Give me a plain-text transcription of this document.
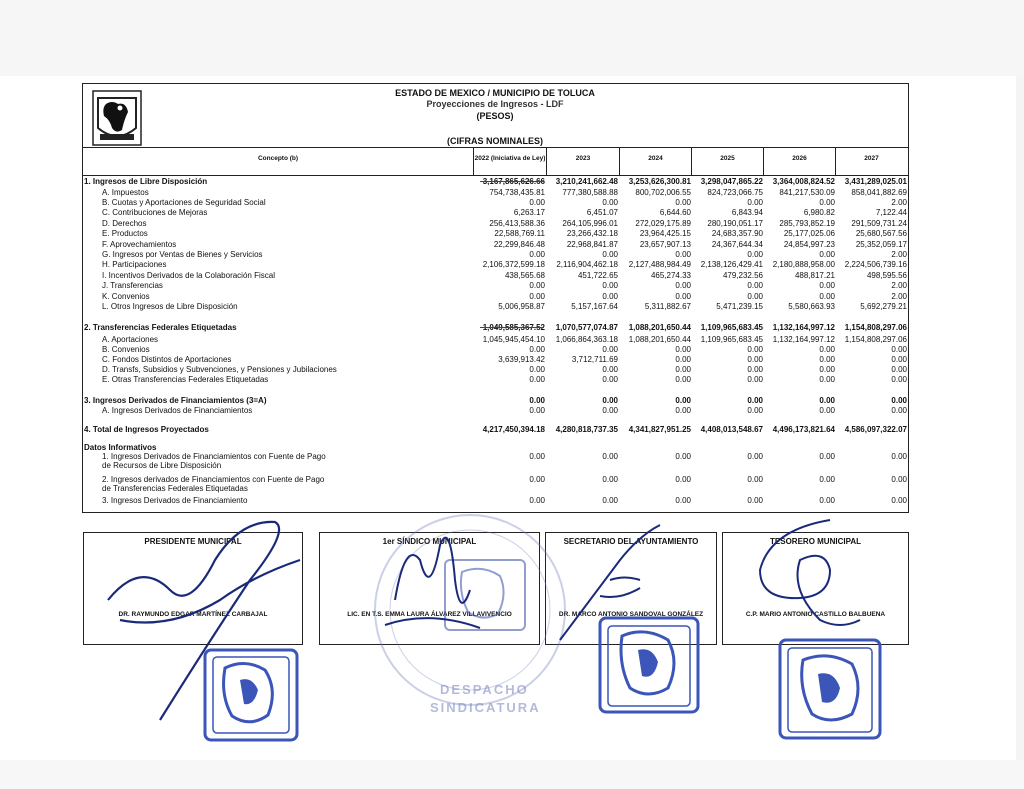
ESTADO DE MEXICO / MUNICIPIO DE TOLUCA
Proyecciones de Ingresos - LDF
(PESOS)
(CIFRAS NOMINALES)
Concepto (b)	2022 (Iniciativa de Ley)	2023	2024	2025	2026	2027
1. Ingresos de Libre Disposición	3,167,865,626.66	3,210,241,662.48	3,253,626,300.81	3,298,047,865.22	3,364,008,824.52	3,431,289,025.01
A. Impuestos	754,738,435.81	777,380,588.88	800,702,006.55	824,723,066.75	841,217,530.09	858,041,882.69
B. Cuotas y Aportaciones de Seguridad Social	0.00	0.00	0.00	0.00	0.00	2.00
C. Contribuciones de Mejoras	6,263.17	6,451.07	6,644.60	6,843.94	6,980.82	7,122.44
D. Derechos	256,413,588.36	264,105,996.01	272,029,175.89	280,190,051.17	285,793,852.19	291,509,731.24
E. Productos	22,588,769.11	23,266,432.18	23,964,425.15	24,683,357.90	25,177,025.06	25,680,567.56
F. Aprovechamientos	22,299,846.48	22,968,841.87	23,657,907.13	24,367,644.34	24,854,997.23	25,352,059.17
G. Ingresos por Ventas de Bienes y Servicios	0.00	0.00	0.00	0.00	0.00	2.00
H. Participaciones	2,106,372,599.18	2,116,904,462.18	2,127,488,984.49	2,138,126,429.41	2,180,888,958.00	2,224,506,739.16
I. Incentivos Derivados de la Colaboración Fiscal	438,565.68	451,722.65	465,274.33	479,232.56	488,817.21	498,595.56
J. Transferencias	0.00	0.00	0.00	0.00	0.00	2.00
K. Convenios	0.00	0.00	0.00	0.00	0.00	2.00
L. Otros Ingresos de Libre Disposición	5,006,958.87	5,157,167.64	5,311,882.67	5,471,239.15	5,580,663.93	5,692,279.21
2. Transferencias Federales Etiquetadas	1,049,585,367.52	1,070,577,074.87	1,088,201,650.44	1,109,965,683.45	1,132,164,997.12	1,154,808,297.06
A. Aportaciones	1,045,945,454.10	1,066,864,363.18	1,088,201,650.44	1,109,965,683.45	1,132,164,997.12	1,154,808,297.06
B. Convenios	0.00	0.00	0.00	0.00	0.00	0.00
C. Fondos Distintos de Aportaciones	3,639,913.42	3,712,711.69	0.00	0.00	0.00	0.00
D. Transfs, Subsidios y Subvenciones, y Pensiones y Jubilaciones	0.00	0.00	0.00	0.00	0.00	0.00
E. Otras Transferencias Federales Etiquetadas	0.00	0.00	0.00	0.00	0.00	0.00
3. Ingresos Derivados de Financiamientos (3=A)	0.00	0.00	0.00	0.00	0.00	0.00
A. Ingresos Derivados de Financiamientos	0.00	0.00	0.00	0.00	0.00	0.00
4. Total de Ingresos Proyectados	4,217,450,394.18	4,280,818,737.35	4,341,827,951.25	4,408,013,548.67	4,496,173,821.64	4,586,097,322.07
Datos Informativos
1. Ingresos Derivados de Financiamientos con Fuente de Pago
de Recursos de Libre Disposición
0.00	0.00	0.00	0.00	0.00	0.00
2. Ingresos derivados de Financiamientos con Fuente de Pago
de Transferencias Federales Etiquetadas
0.00	0.00	0.00	0.00	0.00	0.00
3. Ingresos Derivados de Financiamiento	0.00	0.00	0.00	0.00	0.00	0.00
PRESIDENTE MUNICIPAL
DR. RAYMUNDO EDGAR MARTÍNEZ CARBAJAL
1er SÍNDICO MUNICIPAL
LIC. EN T.S. EMMA LAURA ÁLVAREZ VILLAVIVENCIO
SECRETARIO DEL AYUNTAMIENTO
DR. MARCO ANTONIO SANDOVAL GONZÁLEZ
TESORERO MUNICIPAL
C.P. MARIO ANTONIO CASTILLO BALBUENA
DESPACHO
SINDICATURA
